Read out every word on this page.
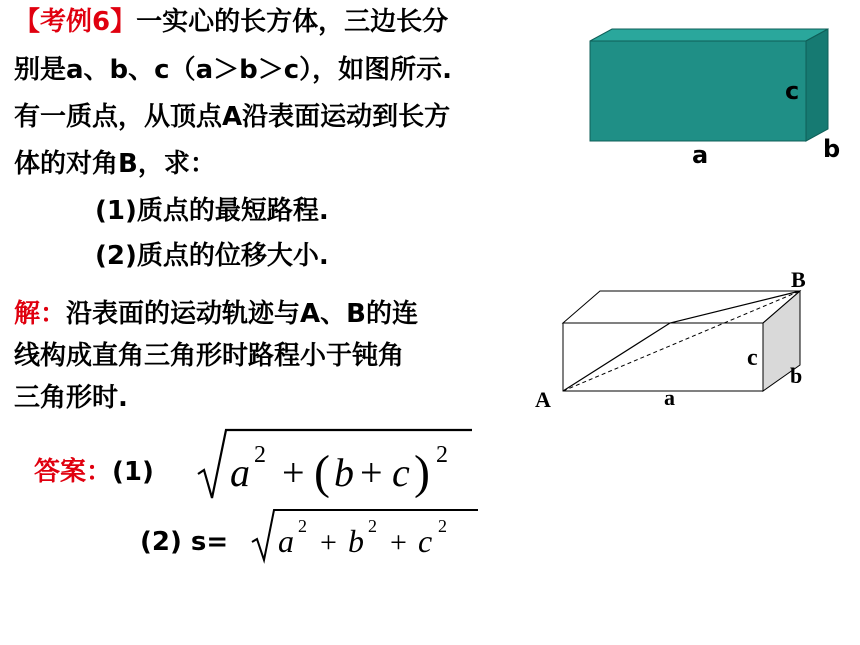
【考例6】一实心的长方体，三边长分
别是a、b、c（a＞b＞c），如图所示.
有一质点，从顶点A沿表面运动到长方
体的对角B，求：
(1)质点的最短路程.
(2)质点的位移大小.
解：沿表面的运动轨迹与A、B的连
线构成直角三角形时路程小于钝角
三角形时.
答案：(1)
(2) s=
a 2 + ( b + c ) 2
a 2 + b 2 + c 2
c
a	b
A
B
a
c
b
